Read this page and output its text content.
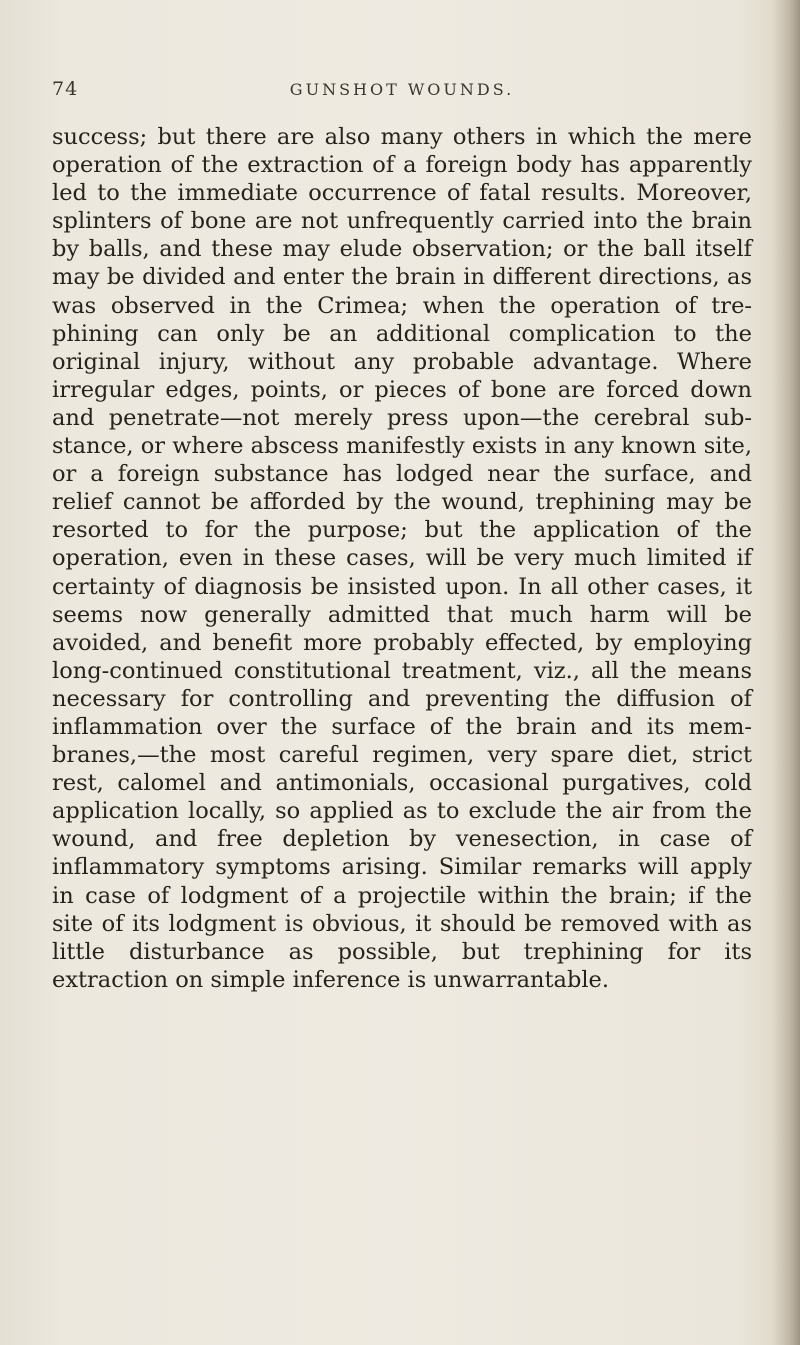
74	GUNSHOT WOUNDS.

success; but there are also many others in which the mere operation of the extraction of a foreign body has apparently led to the immediate occurrence of fatal results. Moreover, splinters of bone are not unfrequently carried into the brain by balls, and these may elude observation; or the ball itself may be divided and enter the brain in different directions, as was observed in the Crimea; when the operation of trephining can only be an additional complication to the original injury, without any probable advantage. Where irregular edges, points, or pieces of bone are forced down and penetrate—not merely press upon—the cerebral substance, or where abscess manifestly exists in any known site, or a foreign substance has lodged near the surface, and relief cannot be afforded by the wound, trephining may be resorted to for the purpose; but the application of the operation, even in these cases, will be very much limited if certainty of diagnosis be insisted upon. In all other cases, it seems now generally admitted that much harm will be avoided, and benefit more probably effected, by employing long-continued constitutional treatment, viz., all the means necessary for controlling and preventing the diffusion of inflammation over the surface of the brain and its membranes,—the most careful regimen, very spare diet, strict rest, calomel and antimonials, occasional purgatives, cold application locally, so applied as to exclude the air from the wound, and free depletion by venesection, in case of inflammatory symptoms arising. Similar remarks will apply in case of lodgment of a projectile within the brain; if the site of its lodgment is obvious, it should be removed with as little disturbance as possible, but trephining for its extraction on simple inference is unwarrantable.
